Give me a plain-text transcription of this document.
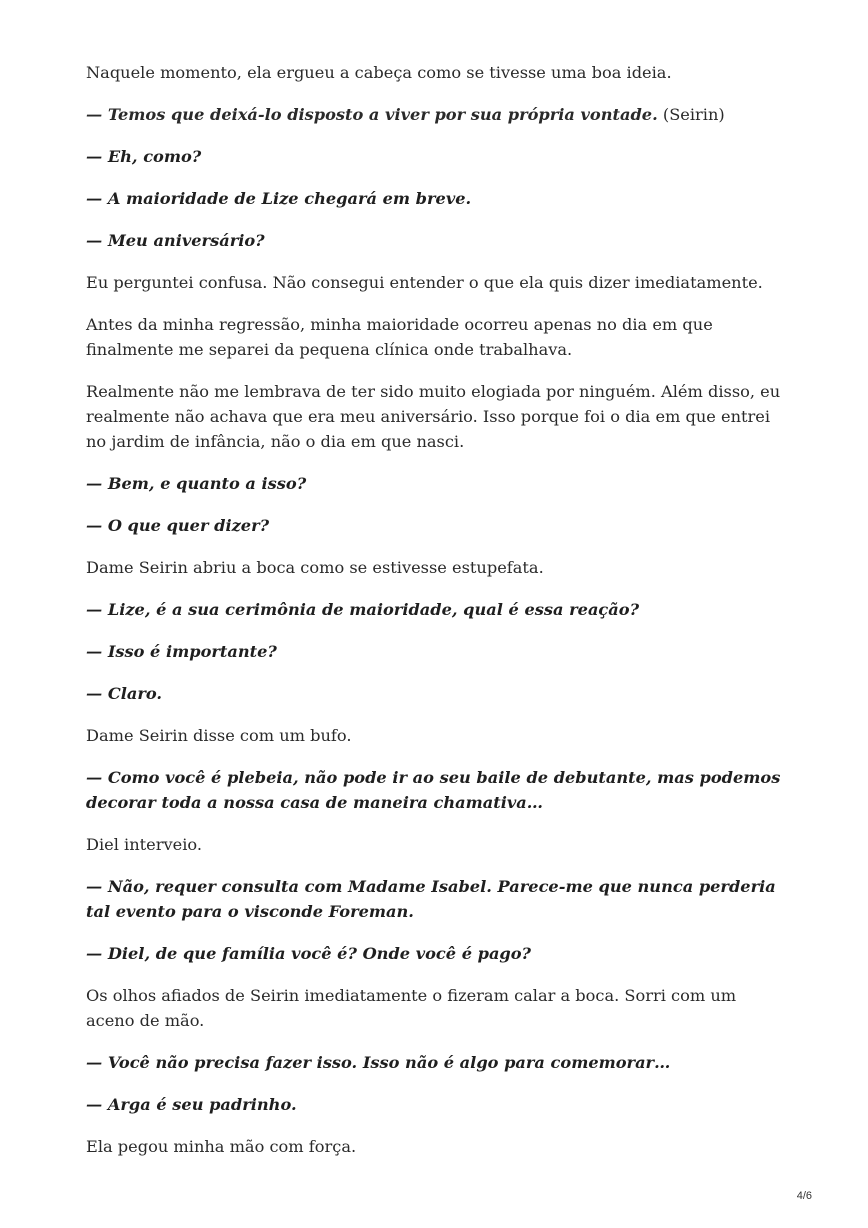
Naquele momento, ela ergueu a cabeça como se tivesse uma boa ideia.

— Temos que deixá-lo disposto a viver por sua própria vontade. (Seirin)

— Eh, como?

— A maioridade de Lize chegará em breve.

— Meu aniversário?

Eu perguntei confusa. Não consegui entender o que ela quis dizer imediatamente.

Antes da minha regressão, minha maioridade ocorreu apenas no dia em que finalmente me separei da pequena clínica onde trabalhava.

Realmente não me lembrava de ter sido muito elogiada por ninguém. Além disso, eu realmente não achava que era meu aniversário. Isso porque foi o dia em que entrei no jardim de infância, não o dia em que nasci.

— Bem, e quanto a isso?

— O que quer dizer?

Dame Seirin abriu a boca como se estivesse estupefata.

— Lize, é a sua cerimônia de maioridade, qual é essa reação?

— Isso é importante?

— Claro.

Dame Seirin disse com um bufo.

— Como você é plebeia, não pode ir ao seu baile de debutante, mas podemos decorar toda a nossa casa de maneira chamativa…

Diel interveio.

— Não, requer consulta com Madame Isabel. Parece-me que nunca perderia tal evento para o visconde Foreman.

— Diel, de que família você é? Onde você é pago?

Os olhos afiados de Seirin imediatamente o fizeram calar a boca. Sorri com um aceno de mão.

— Você não precisa fazer isso. Isso não é algo para comemorar…

— Arga é seu padrinho.

Ela pegou minha mão com força.

4/6
